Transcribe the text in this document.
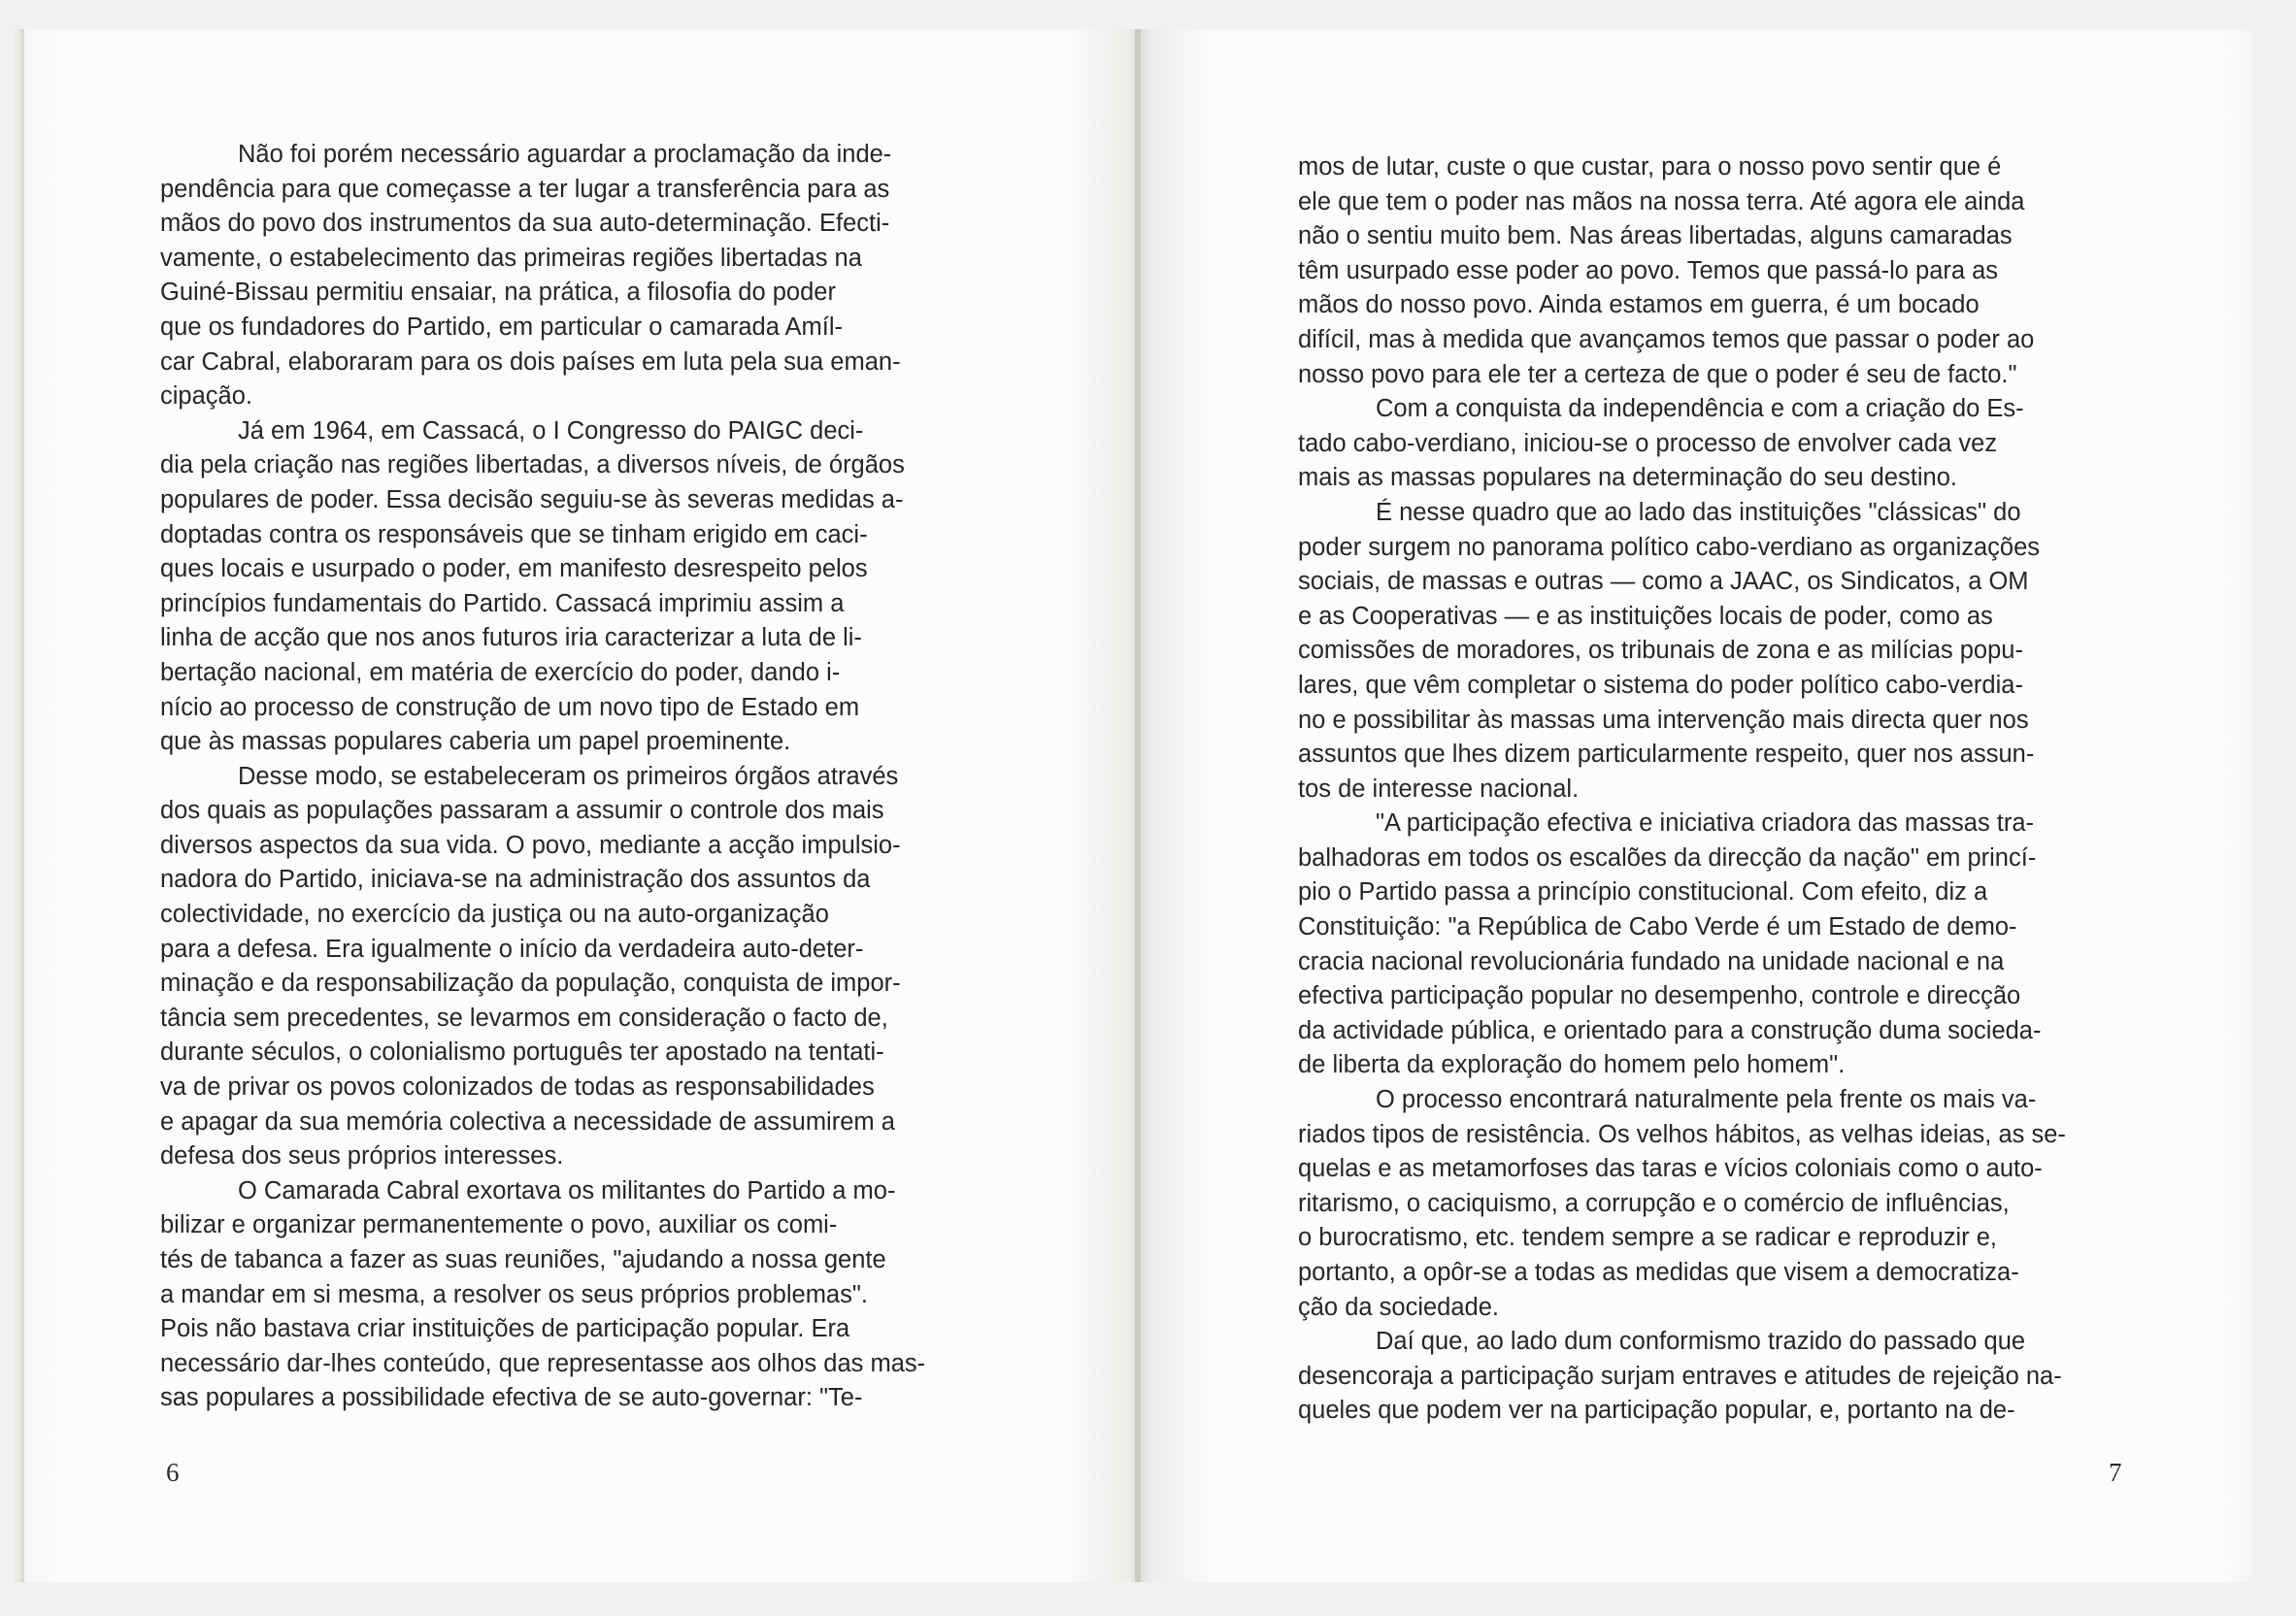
Não foi porém necessário aguardar a proclamação da inde-
pendência para que começasse a ter lugar a transferência para as
mãos do povo dos instrumentos da sua auto-determinação. Efecti-
vamente, o estabelecimento das primeiras regiões libertadas na
Guiné-Bissau permitiu ensaiar, na prática, a filosofia do poder
que os fundadores do Partido, em particular o camarada Amíl-
car Cabral, elaboraram para os dois países em luta pela sua eman-
cipação.

Já em 1964, em Cassacá, o I Congresso do PAIGC deci-
dia pela criação nas regiões libertadas, a diversos níveis, de órgãos
populares de poder. Essa decisão seguiu-se às severas medidas a-
doptadas contra os responsáveis que se tinham erigido em caci-
ques locais e usurpado o poder, em manifesto desrespeito pelos
princípios fundamentais do Partido. Cassacá imprimiu assim a
linha de acção que nos anos futuros iria caracterizar a luta de li-
bertação nacional, em matéria de exercício do poder, dando i-
nício ao processo de construção de um novo tipo de Estado em
que às massas populares caberia um papel proeminente.

Desse modo, se estabeleceram os primeiros órgãos através
dos quais as populações passaram a assumir o controle dos mais
diversos aspectos da sua vida. O povo, mediante a acção impulsio-
nadora do Partido, iniciava-se na administração dos assuntos da
colectividade, no exercício da justiça ou na auto-organização
para a defesa. Era igualmente o início da verdadeira auto-deter-
minação e da responsabilização da população, conquista de impor-
tância sem precedentes, se levarmos em consideração o facto de,
durante séculos, o colonialismo português ter apostado na tentati-
va de privar os povos colonizados de todas as responsabilidades
e apagar da sua memória colectiva a necessidade de assumirem a
defesa dos seus próprios interesses.

O Camarada Cabral exortava os militantes do Partido a mo-
bilizar e organizar permanentemente o povo, auxiliar os comi-
tés de tabanca a fazer as suas reuniões, "ajudando a nossa gente
a mandar em si mesma, a resolver os seus próprios problemas".
Pois não bastava criar instituições de participação popular. Era
necessário dar-lhes conteúdo, que representasse aos olhos das mas-
sas populares a possibilidade efectiva de se auto-governar: "Te-

6

mos de lutar, custe o que custar, para o nosso povo sentir que é
ele que tem o poder nas mãos na nossa terra. Até agora ele ainda
não o sentiu muito bem. Nas áreas libertadas, alguns camaradas
têm usurpado esse poder ao povo. Temos que passá-lo para as
mãos do nosso povo. Ainda estamos em guerra, é um bocado
difícil, mas à medida que avançamos temos que passar o poder ao
nosso povo para ele ter a certeza de que o poder é seu de facto."

Com a conquista da independência e com a criação do Es-
tado cabo-verdiano, iniciou-se o processo de envolver cada vez
mais as massas populares na determinação do seu destino.

É nesse quadro que ao lado das instituições "clássicas" do
poder surgem no panorama político cabo-verdiano as organizações
sociais, de massas e outras — como a JAAC, os Sindicatos, a OM
e as Cooperativas — e as instituições locais de poder, como as
comissões de moradores, os tribunais de zona e as milícias popu-
lares, que vêm completar o sistema do poder político cabo-verdia-
no e possibilitar às massas uma intervenção mais directa quer nos
assuntos que lhes dizem particularmente respeito, quer nos assun-
tos de interesse nacional.

"A participação efectiva e iniciativa criadora das massas tra-
balhadoras em todos os escalões da direcção da nação" em princí-
pio o Partido passa a princípio constitucional. Com efeito, diz a
Constituição: "a República de Cabo Verde é um Estado de demo-
cracia nacional revolucionária fundado na unidade nacional e na
efectiva participação popular no desempenho, controle e direcção
da actividade pública, e orientado para a construção duma socieda-
de liberta da exploração do homem pelo homem".

O processo encontrará naturalmente pela frente os mais va-
riados tipos de resistência. Os velhos hábitos, as velhas ideias, as se-
quelas e as metamorfoses das taras e vícios coloniais como o auto-
ritarismo, o caciquismo, a corrupção e o comércio de influências,
o burocratismo, etc. tendem sempre a se radicar e reproduzir e,
portanto, a opôr-se a todas as medidas que visem a democratiza-
ção da sociedade.

Daí que, ao lado dum conformismo trazido do passado que
desencoraja a participação surjam entraves e atitudes de rejeição na-
queles que podem ver na participação popular, e, portanto na de-

7
